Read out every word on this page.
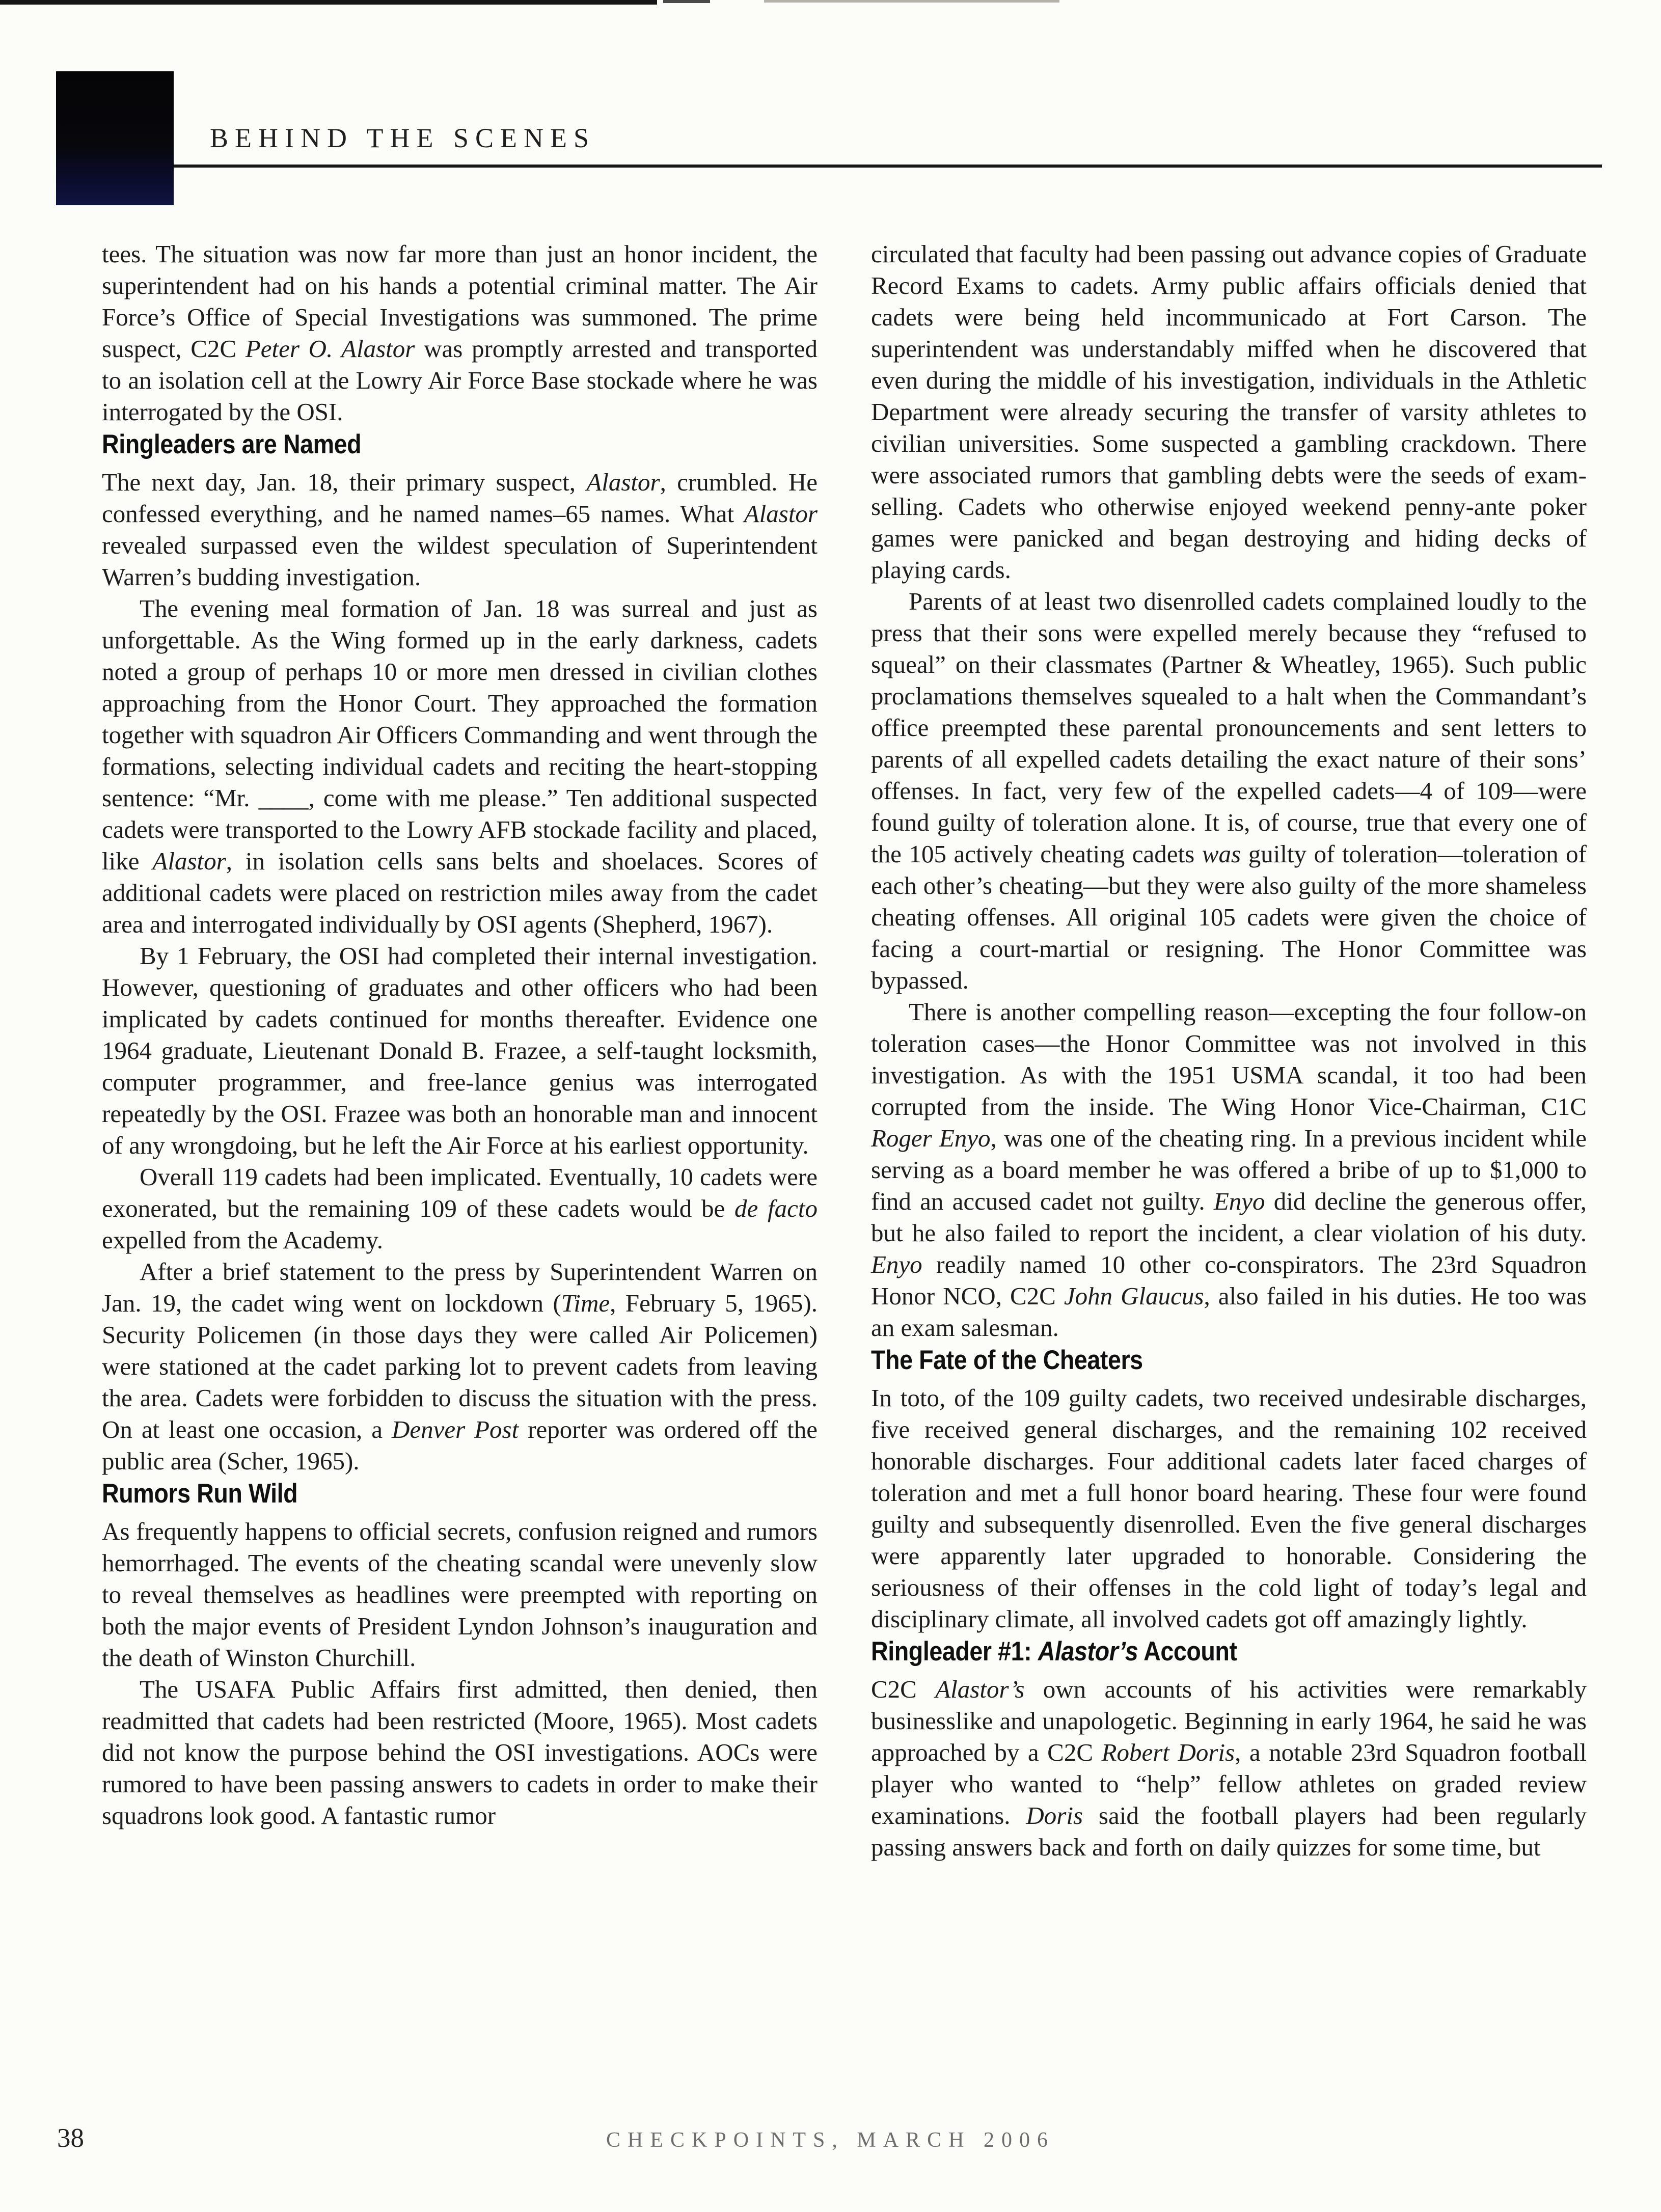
BEHIND THE SCENES

tees. The situation was now far more than just an honor incident, the superintendent had on his hands a potential criminal matter. The Air Force’s Office of Special Investigations was summoned. The prime suspect, C2C Peter O. Alastor was promptly arrested and transported to an isolation cell at the Lowry Air Force Base stockade where he was interrogated by the OSI.

Ringleaders are Named

The next day, Jan. 18, their primary suspect, Alastor, crumbled. He confessed everything, and he named names–65 names. What Alastor revealed surpassed even the wildest speculation of Superintendent Warren’s budding investigation.

The evening meal formation of Jan. 18 was surreal and just as unforgettable. As the Wing formed up in the early darkness, cadets noted a group of perhaps 10 or more men dressed in civilian clothes approaching from the Honor Court. They approached the formation together with squadron Air Officers Commanding and went through the formations, selecting individual cadets and reciting the heart-stopping sentence: “Mr. ____, come with me please.” Ten additional suspected cadets were transported to the Lowry AFB stockade facility and placed, like Alastor, in isolation cells sans belts and shoelaces. Scores of additional cadets were placed on restriction miles away from the cadet area and interrogated individually by OSI agents (Shepherd, 1967).

By 1 February, the OSI had completed their internal investigation. However, questioning of graduates and other officers who had been implicated by cadets continued for months thereafter. Evidence one 1964 graduate, Lieutenant Donald B. Frazee, a self-taught locksmith, computer programmer, and free-lance genius was interrogated repeatedly by the OSI. Frazee was both an honorable man and innocent of any wrongdoing, but he left the Air Force at his earliest opportunity.

Overall 119 cadets had been implicated. Eventually, 10 cadets were exonerated, but the remaining 109 of these cadets would be de facto expelled from the Academy.

After a brief statement to the press by Superintendent Warren on Jan. 19, the cadet wing went on lockdown (Time, February 5, 1965). Security Policemen (in those days they were called Air Policemen) were stationed at the cadet parking lot to prevent cadets from leaving the area. Cadets were forbidden to discuss the situation with the press. On at least one occasion, a Denver Post reporter was ordered off the public area (Scher, 1965).

Rumors Run Wild

As frequently happens to official secrets, confusion reigned and rumors hemorrhaged. The events of the cheating scandal were unevenly slow to reveal themselves as headlines were preempted with reporting on both the major events of President Lyndon Johnson’s inauguration and the death of Winston Churchill.

The USAFA Public Affairs first admitted, then denied, then readmitted that cadets had been restricted (Moore, 1965). Most cadets did not know the purpose behind the OSI investigations. AOCs were rumored to have been passing answers to cadets in order to make their squadrons look good. A fantastic rumor

circulated that faculty had been passing out advance copies of Graduate Record Exams to cadets. Army public affairs officials denied that cadets were being held incommunicado at Fort Carson. The superintendent was understandably miffed when he discovered that even during the middle of his investigation, individuals in the Athletic Department were already securing the transfer of varsity athletes to civilian universities. Some suspected a gambling crackdown. There were associated rumors that gambling debts were the seeds of exam-selling. Cadets who otherwise enjoyed weekend penny-ante poker games were panicked and began destroying and hiding decks of playing cards.

Parents of at least two disenrolled cadets complained loudly to the press that their sons were expelled merely because they “refused to squeal” on their classmates (Partner & Wheatley, 1965). Such public proclamations themselves squealed to a halt when the Commandant’s office preempted these parental pronouncements and sent letters to parents of all expelled cadets detailing the exact nature of their sons’ offenses. In fact, very few of the expelled cadets—4 of 109—were found guilty of toleration alone. It is, of course, true that every one of the 105 actively cheating cadets was guilty of toleration—toleration of each other’s cheating—but they were also guilty of the more shameless cheating offenses. All original 105 cadets were given the choice of facing a court-martial or resigning. The Honor Committee was bypassed.

There is another compelling reason—excepting the four follow-on toleration cases—the Honor Committee was not involved in this investigation. As with the 1951 USMA scandal, it too had been corrupted from the inside. The Wing Honor Vice-Chairman, C1C Roger Enyo, was one of the cheating ring. In a previous incident while serving as a board member he was offered a bribe of up to $1,000 to find an accused cadet not guilty. Enyo did decline the generous offer, but he also failed to report the incident, a clear violation of his duty. Enyo readily named 10 other co-conspirators. The 23rd Squadron Honor NCO, C2C John Glaucus, also failed in his duties. He too was an exam salesman.

The Fate of the Cheaters

In toto, of the 109 guilty cadets, two received undesirable discharges, five received general discharges, and the remaining 102 received honorable discharges. Four additional cadets later faced charges of toleration and met a full honor board hearing. These four were found guilty and subsequently disenrolled. Even the five general discharges were apparently later upgraded to honorable. Considering the seriousness of their offenses in the cold light of today’s legal and disciplinary climate, all involved cadets got off amazingly lightly.

Ringleader #1: Alastor’s Account

C2C Alastor’s own accounts of his activities were remarkably businesslike and unapologetic. Beginning in early 1964, he said he was approached by a C2C Robert Doris, a notable 23rd Squadron football player who wanted to “help” fellow athletes on graded review examinations. Doris said the football players had been regularly passing answers back and forth on daily quizzes for some time, but

38	CHECKPOINTS, MARCH 2006
